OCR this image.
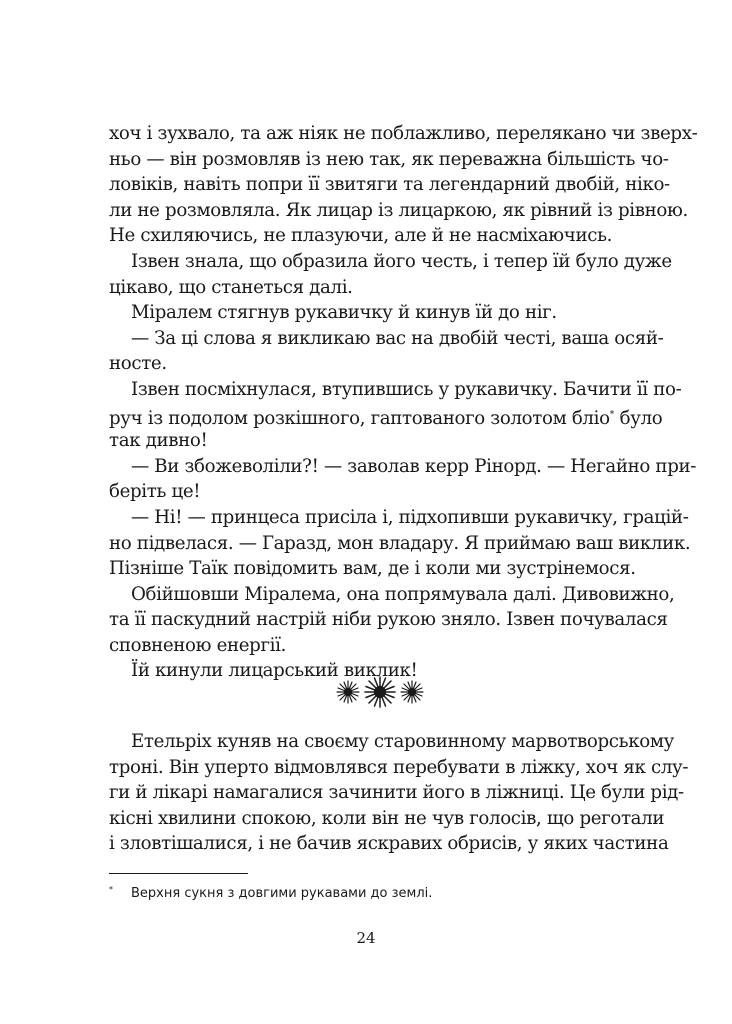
хоч і зухвало, та аж ніяк не поблажливо, перелякано чи зверх-
ньо — він розмовляв із нею так, як переважна більшість чо-
ловіків, навіть попри її звитяги та легендарний двобій, ніко-
ли не розмовляла. Як лицар із лицаркою, як рівний із рівною.
Не схиляючись, не плазуючи, але й не насміхаючись.
Ізвен знала, що образила його честь, і тепер їй було дуже
цікаво, що станеться далі.
Міралем стягнув рукавичку й кинув їй до ніг.
— За ці слова я викликаю вас на двобій честі, ваша осяй-
носте.
Ізвен посміхнулася, втупившись у рукавичку. Бачити її по-
руч із подолом розкішного, гаптованого золотом бліо* було
так дивно!
— Ви збожеволіли?! — заволав керр Рінорд. — Негайно при-
беріть це!
— Ні! — принцеса присіла і, підхопивши рукавичку, грацій-
но підвелася. — Гаразд, мон владару. Я приймаю ваш виклик.
Пізніше Таїк повідомить вам, де і коли ми зустрінемося.
Обійшовши Міралема, она попрямувала далі. Дивовижно,
та її паскудний настрій ніби рукою зняло. Ізвен почувалася
сповненою енергії.
Їй кинули лицарський виклик!
Етельріх куняв на своєму старовинному марвотворському
троні. Він уперто відмовлявся перебувати в ліжку, хоч як слу-
ги й лікарі намагалися зачинити його в ліжниці. Це були рід-
кісні хвилини спокою, коли він не чув голосів, що реготали
і зловтішалися, і не бачив яскравих обрисів, у яких частина
* Верхня сукня з довгими рукавами до землі.
24
